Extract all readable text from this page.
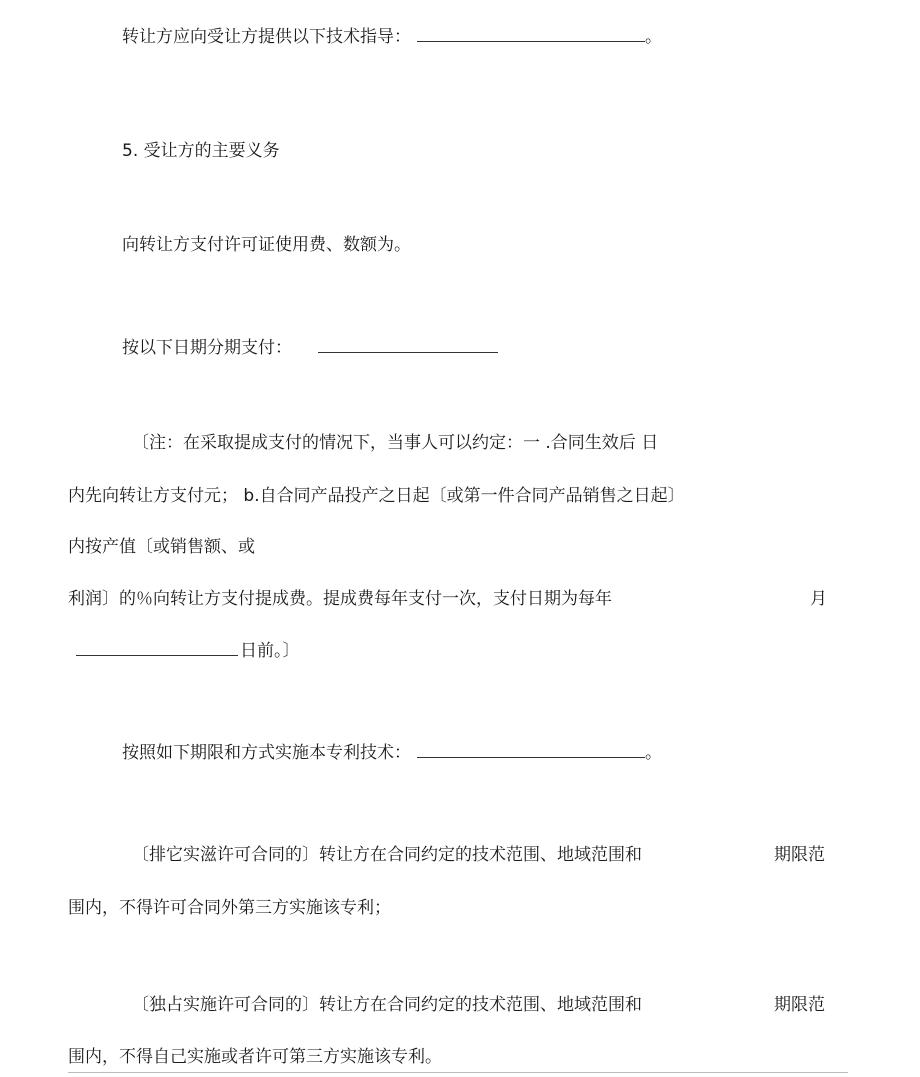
转让方应向受让方提供以下技术指导：	。
5. 受让方的主要义务
向转让方支付许可证使用费、数额为。
按以下日期分期支付：
〔注：在采取提成支付的情况下，当事人可以约定：一 .合同生效后 日
内先向转让方支付元； b.自合同产品投产之日起〔或第一件合同产品销售之日起〕
内按产值〔或销售额、或
利润〕的％向转让方支付提成费。提成费每年支付一次，支付日期为每年	月
日前。〕
按照如下期限和方式实施本专利技术：	。
〔排它实滋许可合同的〕转让方在合同约定的技术范围、地域范围和	期限范
围内，不得许可合同外第三方实施该专利；
〔独占实施许可合同的〕转让方在合同约定的技术范围、地域范围和	期限范
围内，不得自己实施或者许可第三方实施该专利。
